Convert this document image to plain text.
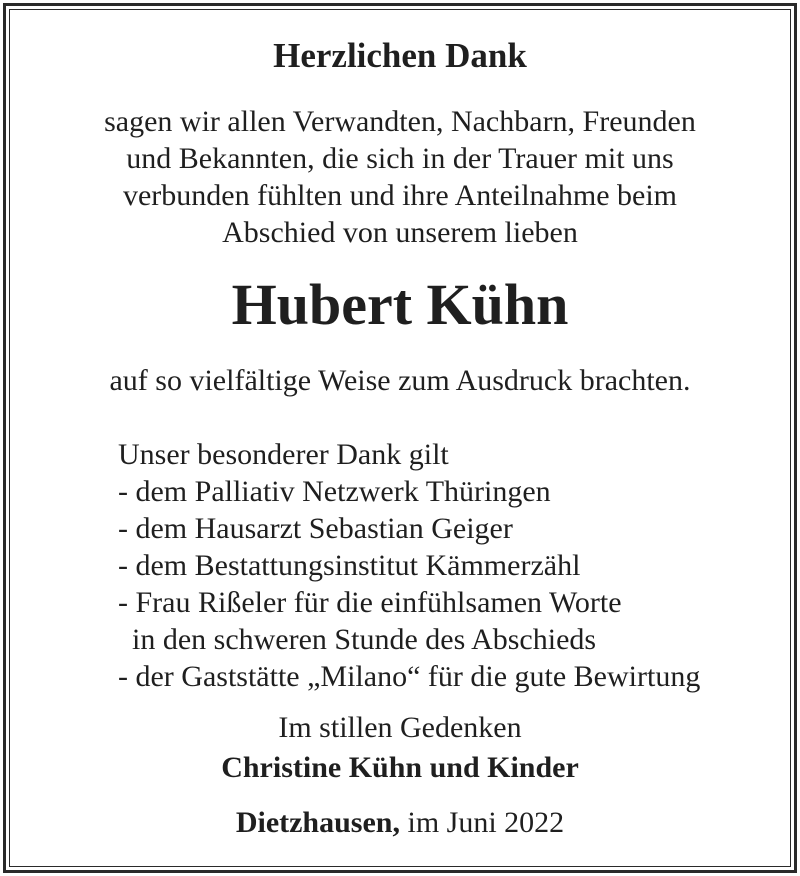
Herzlichen Dank
sagen wir allen Verwandten, Nachbarn, Freunden
und Bekannten, die sich in der Trauer mit uns
verbunden fühlten und ihre Anteilnahme beim
Abschied von unserem lieben
Hubert Kühn
auf so vielfältige Weise zum Ausdruck brachten.
Unser besonderer Dank gilt
- dem Palliativ Netzwerk Thüringen
- dem Hausarzt Sebastian Geiger
- dem Bestattungsinstitut Kämmerzähl
- Frau Rißeler für die einfühlsamen Worte
in den schweren Stunde des Abschieds
- der Gaststätte „Milano“ für die gute Bewirtung
Im stillen Gedenken
Christine Kühn und Kinder
Dietzhausen, im Juni 2022
